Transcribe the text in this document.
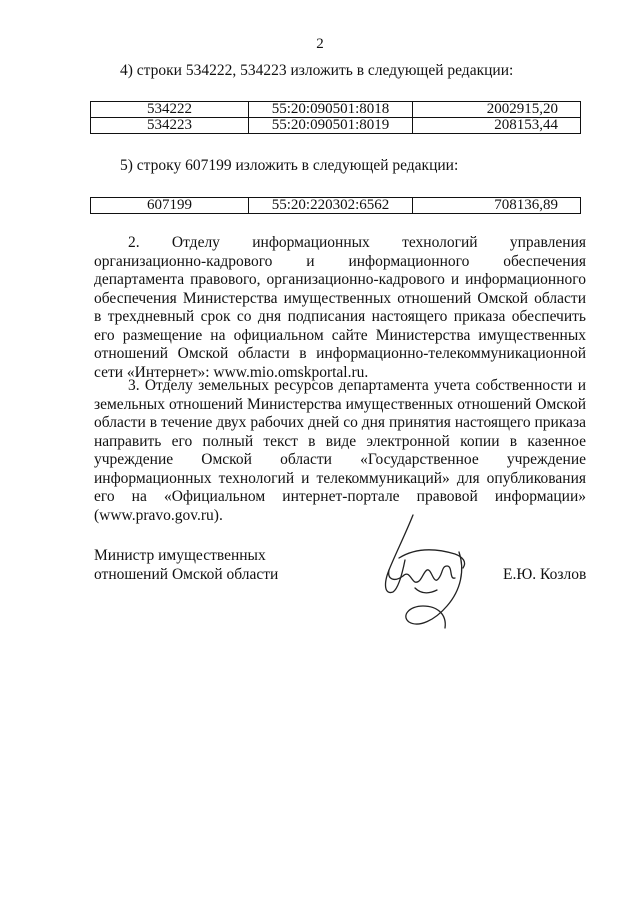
2
4) строки 534222, 534223 изложить в следующей редакции:
534222	55:20:090501:8018	2002915,20
534223	55:20:090501:8019	208153,44
5) строку 607199 изложить в следующей редакции:
607199	55:20:220302:6562	708136,89
2. Отделу информационных технологий управления организационно-кадрового и информационного обеспечения департамента правового, организационно-кадрового и информационного обеспечения Министерства имущественных отношений Омской области в трехдневный срок со дня подписания настоящего приказа обеспечить его размещение на официальном сайте Министерства имущественных отношений Омской области в информационно-телекоммуникационной сети «Интернет»: www.mio.omskportal.ru.
3. Отделу земельных ресурсов департамента учета собственности и земельных отношений Министерства имущественных отношений Омской области в течение двух рабочих дней со дня принятия настоящего приказа направить его полный текст в виде электронной копии в казенное учреждение Омской области «Государственное учреждение информационных технологий и телекоммуникаций» для опубликования его на «Официальном интернет-портале правовой информации» (www.pravo.gov.ru).
Министр имущественных
отношений Омской области	Е.Ю. Козлов
